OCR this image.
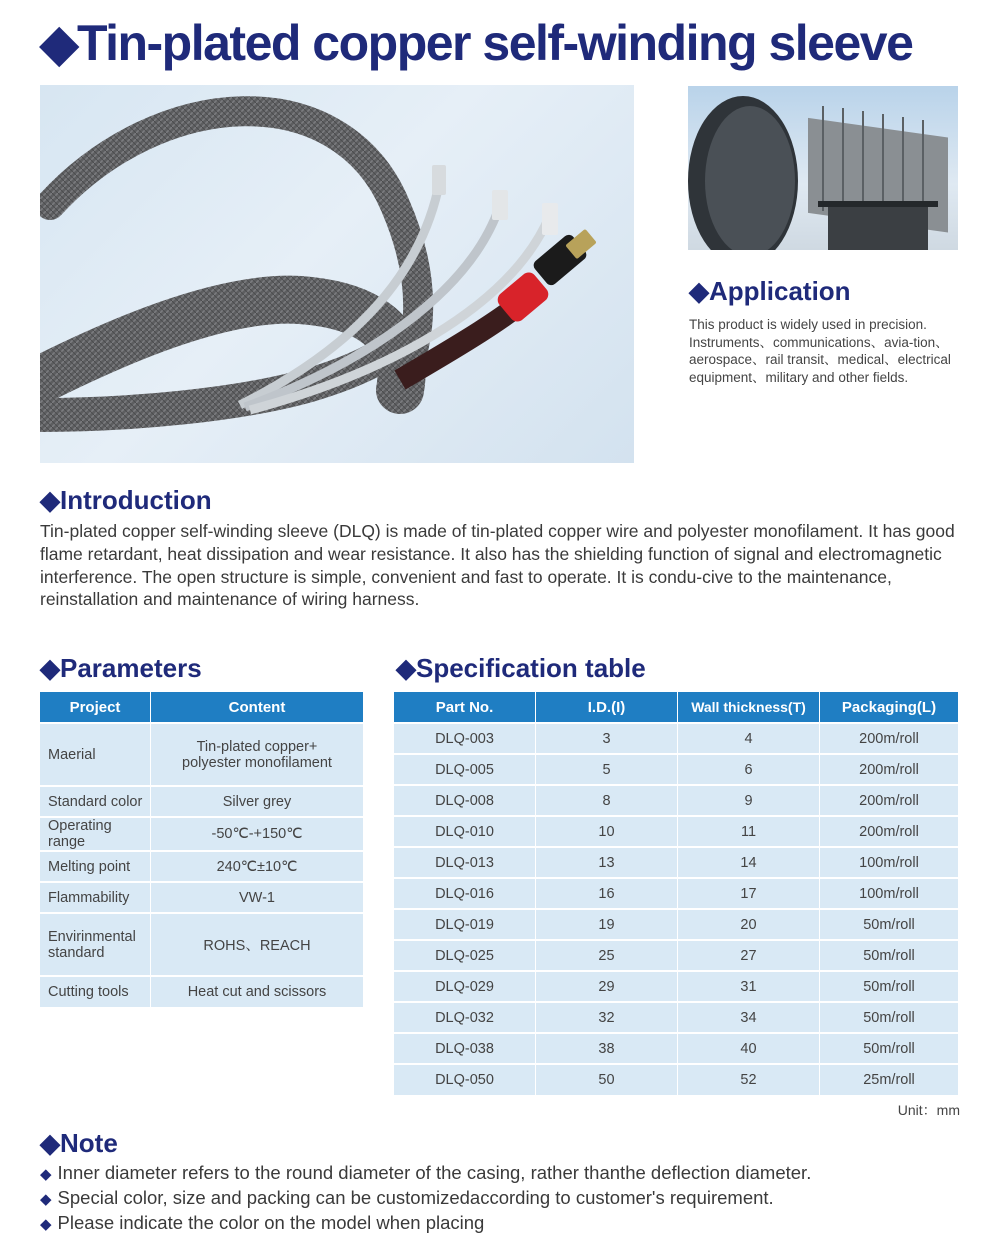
◆Tin-plated copper self-winding sleeve
◆Application
This product is widely used in precision. Instruments、communications、avia-tion、aerospace、rail transit、medical、electrical equipment、military and other fields.
◆Introduction
Tin-plated copper self-winding sleeve (DLQ) is made of tin-plated copper wire and polyester monofilament. It has good flame retardant, heat dissipation and wear resistance. It also has the shielding function of signal and electromagnetic interference. The open structure is simple, convenient and fast to operate. It is condu-cive to the maintenance, reinstallation and maintenance of wiring harness.
◆Parameters
Project	Content
Maerial	Tin-plated copper+ polyester monofilament
Standard color	Silver grey
Operating range	-50℃-+150℃
Melting point	240℃±10℃
Flammability	VW-1
Envirinmental standard	ROHS、REACH
Cutting tools	Heat cut and scissors
◆Specification table
Part No.	I.D.(I)	Wall thickness(T)	Packaging(L)
DLQ-003	3	4	200m/roll
DLQ-005	5	6	200m/roll
DLQ-008	8	9	200m/roll
DLQ-010	10	11	200m/roll
DLQ-013	13	14	100m/roll
DLQ-016	16	17	100m/roll
DLQ-019	19	20	50m/roll
DLQ-025	25	27	50m/roll
DLQ-029	29	31	50m/roll
DLQ-032	32	34	50m/roll
DLQ-038	38	40	50m/roll
DLQ-050	50	52	25m/roll
Unit：mm
◆Note
◆ Inner diameter refers to the round diameter of the casing, rather thanthe deflection diameter.
◆ Special color, size and packing can be customizedaccording to customer's requirement.
◆ Please indicate the color on the model when placing
